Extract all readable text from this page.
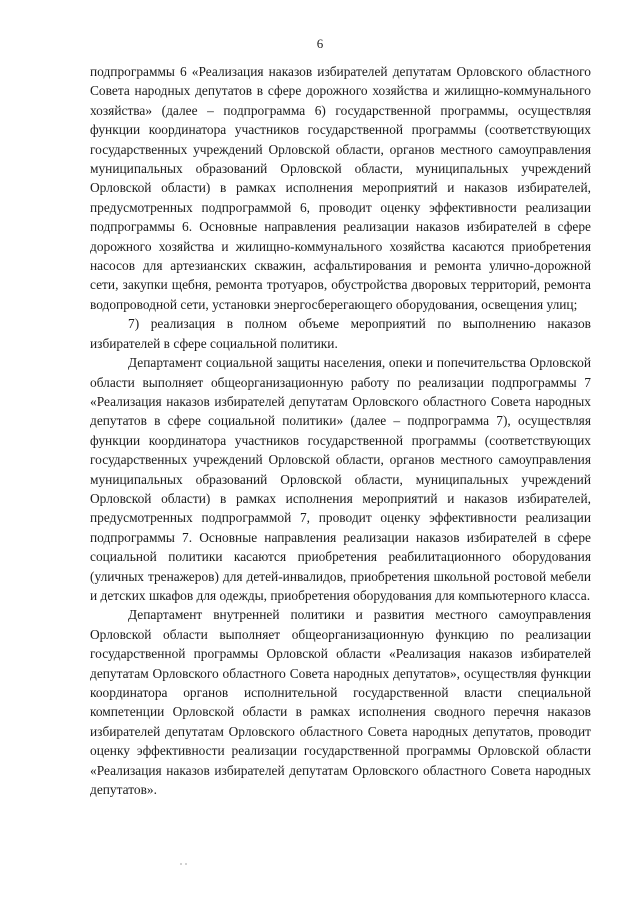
6

подпрограммы 6 «Реализация наказов избирателей депутатам Орловского областного Совета народных депутатов в сфере дорожного хозяйства и жилищно-коммунального хозяйства» (далее – подпрограмма 6) государственной программы, осуществляя функции координатора участников государственной программы (соответствующих государственных учреждений Орловской области, органов местного самоуправления муниципальных образований Орловской области, муниципальных учреждений Орловской области) в рамках исполнения мероприятий и наказов избирателей, предусмотренных подпрограммой 6, проводит оценку эффективности реализации подпрограммы 6. Основные направления реализации наказов избирателей в сфере дорожного хозяйства и жилищно-коммунального хозяйства касаются приобретения насосов для артезианских скважин, асфальтирования и ремонта улично-дорожной сети, закупки щебня, ремонта тротуаров, обустройства дворовых территорий, ремонта водопроводной сети, установки энергосберегающего оборудования, освещения улиц;

7) реализация в полном объеме мероприятий по выполнению наказов избирателей в сфере социальной политики.

Департамент социальной защиты населения, опеки и попечительства Орловской области выполняет общеорганизационную работу по реализации подпрограммы 7 «Реализация наказов избирателей депутатам Орловского областного Совета народных депутатов в сфере социальной политики» (далее – подпрограмма 7), осуществляя функции координатора участников государственной программы (соответствующих государственных учреждений Орловской области, органов местного самоуправления муниципальных образований Орловской области, муниципальных учреждений Орловской области) в рамках исполнения мероприятий и наказов избирателей, предусмотренных подпрограммой 7, проводит оценку эффективности реализации подпрограммы 7. Основные направления реализации наказов избирателей в сфере социальной политики касаются приобретения реабилитационного оборудования (уличных тренажеров) для детей-инвалидов, приобретения школьной ростовой мебели и детских шкафов для одежды, приобретения оборудования для компьютерного класса.

Департамент внутренней политики и развития местного самоуправления Орловской области выполняет общеорганизационную функцию по реализации государственной программы Орловской области «Реализация наказов избирателей депутатам Орловского областного Совета народных депутатов», осуществляя функции координатора органов исполнительной государственной власти специальной компетенции Орловской области в рамках исполнения сводного перечня наказов избирателей депутатам Орловского областного Совета народных депутатов, проводит оценку эффективности реализации государственной программы Орловской области «Реализация наказов избирателей депутатам Орловского областного Совета народных депутатов».
